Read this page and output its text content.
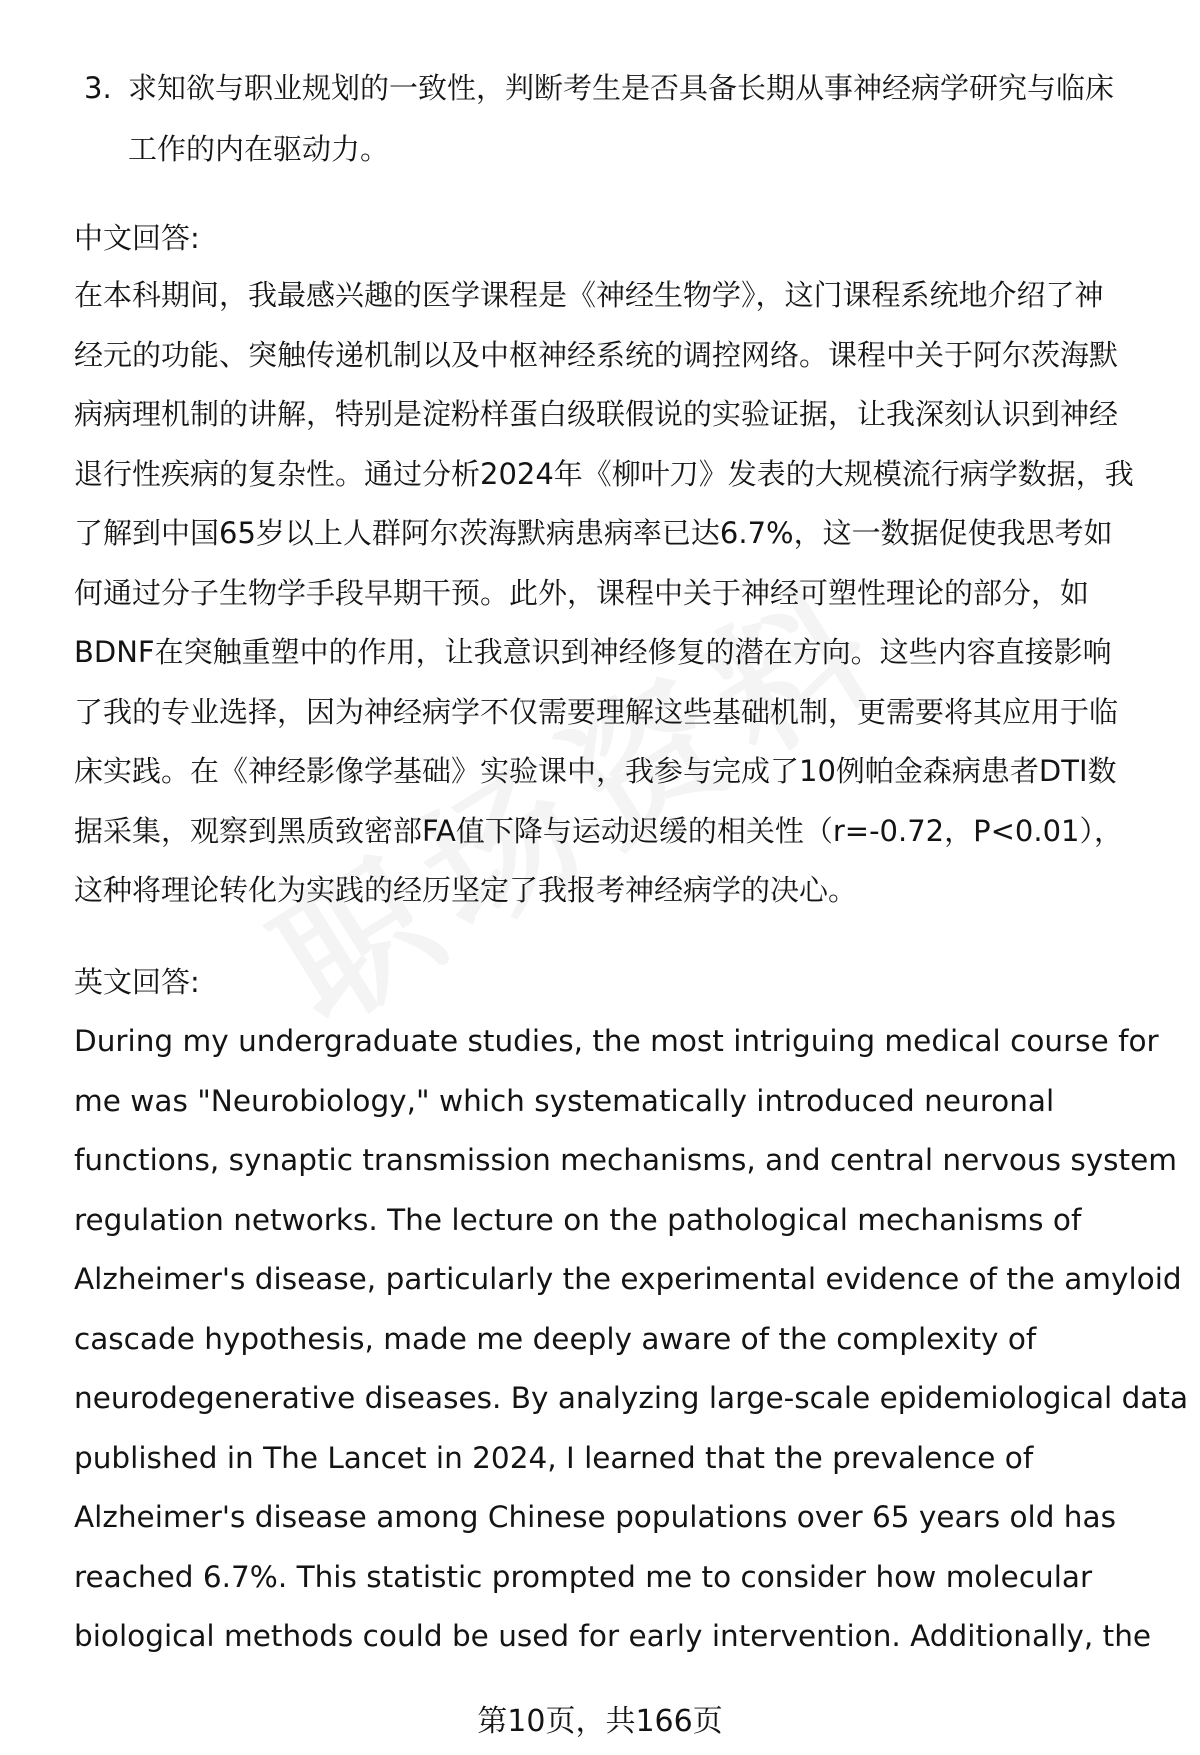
3. 求知欲与职业规划的一致性，判断考生是否具备长期从事神经病学研究与临床
工作的内在驱动力。
中文回答:
在本科期间，我最感兴趣的医学课程是《神经生物学》，这门课程系统地介绍了神
经元的功能、突触传递机制以及中枢神经系统的调控网络。课程中关于阿尔茨海默
病病理机制的讲解，特别是淀粉样蛋白级联假说的实验证据，让我深刻认识到神经
退行性疾病的复杂性。通过分析2024年《柳叶刀》发表的大规模流行病学数据，我
了解到中国65岁以上人群阿尔茨海默病患病率已达6.7%，这一数据促使我思考如
何通过分子生物学手段早期干预。此外，课程中关于神经可塑性理论的部分，如
BDNF在突触重塑中的作用，让我意识到神经修复的潜在方向。这些内容直接影响
了我的专业选择，因为神经病学不仅需要理解这些基础机制，更需要将其应用于临
床实践。在《神经影像学基础》实验课中，我参与完成了10例帕金森病患者DTI数
据采集，观察到黑质致密部FA值下降与运动迟缓的相关性（r=-0.72，P<0.01），
这种将理论转化为实践的经历坚定了我报考神经病学的决心。
英文回答:
During my undergraduate studies, the most intriguing medical course for
me was "Neurobiology," which systematically introduced neuronal
functions, synaptic transmission mechanisms, and central nervous system
regulation networks. The lecture on the pathological mechanisms of
Alzheimer's disease, particularly the experimental evidence of the amyloid
cascade hypothesis, made me deeply aware of the complexity of
neurodegenerative diseases. By analyzing large-scale epidemiological data
published in The Lancet in 2024, I learned that the prevalence of
Alzheimer's disease among Chinese populations over 65 years old has
reached 6.7%. This statistic prompted me to consider how molecular
biological methods could be used for early intervention. Additionally, the
第10页，共166页
